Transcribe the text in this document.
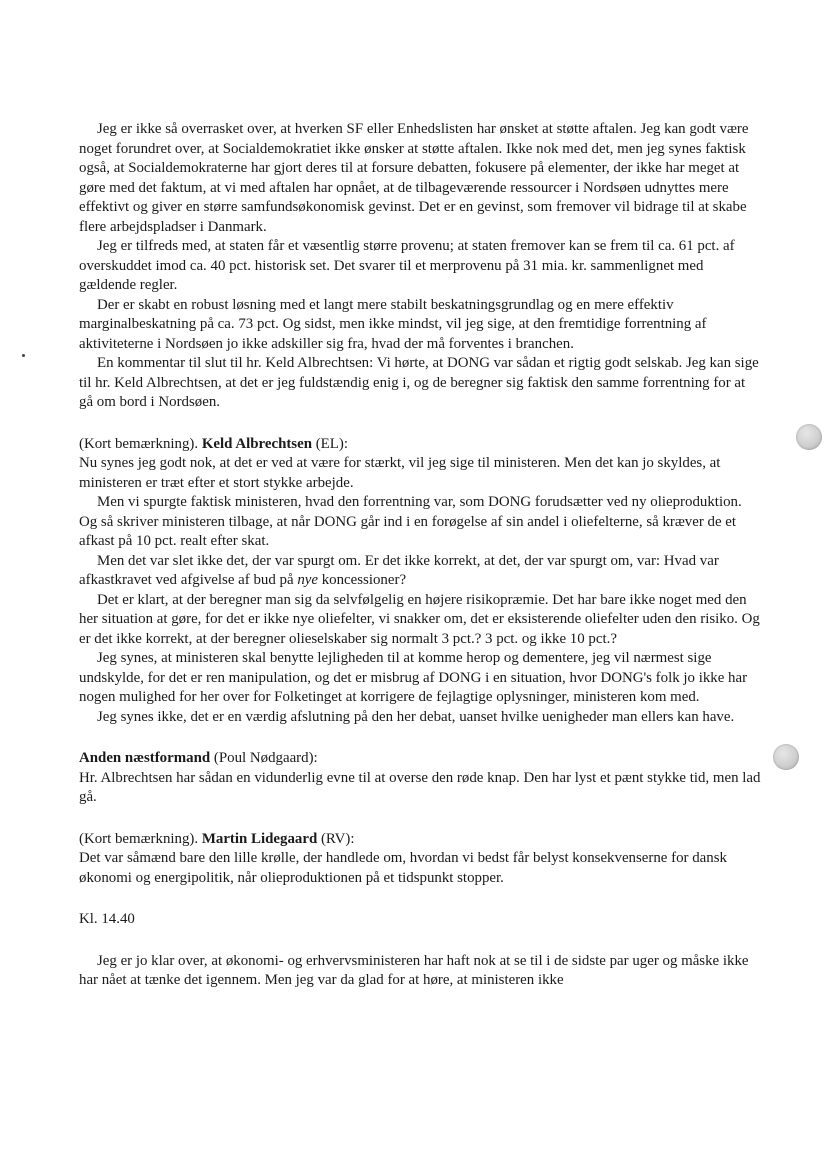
Jeg er ikke så overrasket over, at hverken SF eller Enhedslisten har ønsket at støtte aftalen. Jeg kan godt være noget forundret over, at Socialdemokratiet ikke ønsker at støtte aftalen. Ikke nok med det, men jeg synes faktisk også, at Socialdemokraterne har gjort deres til at forsure debatten, fokusere på elementer, der ikke har meget at gøre med det faktum, at vi med aftalen har opnået, at de tilbageværende ressourcer i Nordsøen udnyttes mere effektivt og giver en større samfundsøkonomisk gevinst. Det er en gevinst, som fremover vil bidrage til at skabe flere arbejdspladser i Danmark.

Jeg er tilfreds med, at staten får et væsentlig større provenu; at staten fremover kan se frem til ca. 61 pct. af overskuddet imod ca. 40 pct. historisk set. Det svarer til et merprovenu på 31 mia. kr. sammenlignet med gældende regler.

Der er skabt en robust løsning med et langt mere stabilt beskatningsgrundlag og en mere effektiv marginalbeskatning på ca. 73 pct. Og sidst, men ikke mindst, vil jeg sige, at den fremtidige forrentning af aktiviteterne i Nordsøen jo ikke adskiller sig fra, hvad der må forventes i branchen.

En kommentar til slut til hr. Keld Albrechtsen: Vi hørte, at DONG var sådan et rigtig godt selskab. Jeg kan sige til hr. Keld Albrechtsen, at det er jeg fuldstændig enig i, og de beregner sig faktisk den samme forrentning for at gå om bord i Nordsøen.

(Kort bemærkning). Keld Albrechtsen (EL):

Nu synes jeg godt nok, at det er ved at være for stærkt, vil jeg sige til ministeren. Men det kan jo skyldes, at ministeren er træt efter et stort stykke arbejde.

Men vi spurgte faktisk ministeren, hvad den forrentning var, som DONG forudsætter ved ny olieproduktion. Og så skriver ministeren tilbage, at når DONG går ind i en forøgelse af sin andel i oliefelterne, så kræver de et afkast på 10 pct. realt efter skat.

Men det var slet ikke det, der var spurgt om. Er det ikke korrekt, at det, der var spurgt om, var: Hvad var afkastkravet ved afgivelse af bud på nye koncessioner?

Det er klart, at der beregner man sig da selvfølgelig en højere risikopræmie. Det har bare ikke noget med den her situation at gøre, for det er ikke nye oliefelter, vi snakker om, det er eksisterende oliefelter uden den risiko. Og er det ikke korrekt, at der beregner olieselskaber sig normalt 3 pct.? 3 pct. og ikke 10 pct.?

Jeg synes, at ministeren skal benytte lejligheden til at komme herop og dementere, jeg vil nærmest sige undskylde, for det er ren manipulation, og det er misbrug af DONG i en situation, hvor DONG's folk jo ikke har nogen mulighed for her over for Folketinget at korrigere de fejlagtige oplysninger, ministeren kom med.

Jeg synes ikke, det er en værdig afslutning på den her debat, uanset hvilke uenigheder man ellers kan have.

Anden næstformand (Poul Nødgaard):

Hr. Albrechtsen har sådan en vidunderlig evne til at overse den røde knap. Den har lyst et pænt stykke tid, men lad gå.

(Kort bemærkning). Martin Lidegaard (RV):

Det var såmænd bare den lille krølle, der handlede om, hvordan vi bedst får belyst konsekvenserne for dansk økonomi og energipolitik, når olieproduktionen på et tidspunkt stopper.

Kl. 14.40

Jeg er jo klar over, at økonomi- og erhvervsministeren har haft nok at se til i de sidste par uger og måske ikke har nået at tænke det igennem. Men jeg var da glad for at høre, at ministeren ikke
